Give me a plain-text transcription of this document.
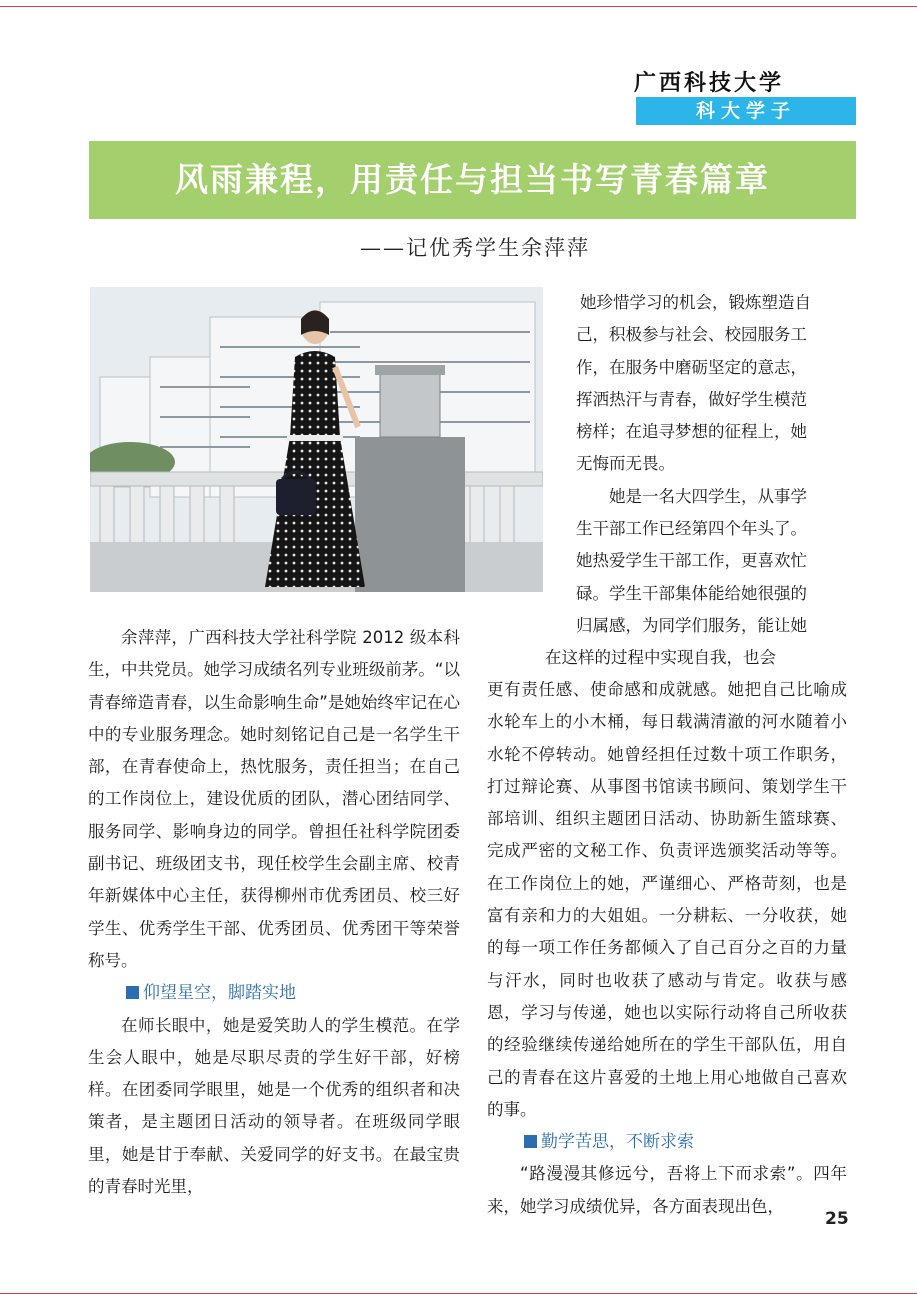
广西科技大学
科大学子
风雨兼程，用责任与担当书写青春篇章
——记优秀学生余萍萍

她珍惜学习的机会，锻炼塑造自

己，积极参与社会、校园服务工

作，在服务中磨砺坚定的意志，

挥洒热汗与青春，做好学生模范

榜样；在追寻梦想的征程上，她

无悔而无畏。

她是一名大四学生，从事学

生干部工作已经第四个年头了。

她热爱学生干部工作，更喜欢忙

碌。学生干部集体能给她很强的

归属感，为同学们服务，能让她

在这样的过程中实现自我，也会

余萍萍，广西科技大学社科学院 2012 级本科生，中共党员。她学习成绩名列专业班级前茅。“以青春缔造青春，以生命影响生命”是她始终牢记在心中的专业服务理念。她时刻铭记自己是一名学生干部，在青春使命上，热忱服务，责任担当；在自己的工作岗位上，建设优质的团队，潜心团结同学、服务同学、影响身边的同学。曾担任社科学院团委副书记、班级团支书，现任校学生会副主席、校青年新媒体中心主任，获得柳州市优秀团员、校三好学生、优秀学生干部、优秀团员、优秀团干等荣誉称号。

仰望星空，脚踏实地

在师长眼中，她是爱笑助人的学生模范。在学生会人眼中，她是尽职尽责的学生好干部，好榜样。在团委同学眼里，她是一个优秀的组织者和决策者，是主题团日活动的领导者。在班级同学眼里，她是甘于奉献、关爱同学的好支书。在最宝贵的青春时光里，

更有责任感、使命感和成就感。她把自己比喻成水轮车上的小木桶，每日载满清澈的河水随着小水轮不停转动。她曾经担任过数十项工作职务，打过辩论赛、从事图书馆读书顾问、策划学生干部培训、组织主题团日活动、协助新生篮球赛、完成严密的文秘工作、负责评选颁奖活动等等。在工作岗位上的她，严谨细心、严格苛刻，也是富有亲和力的大姐姐。一分耕耘、一分收获，她的每一项工作任务都倾入了自己百分之百的力量与汗水，同时也收获了感动与肯定。收获与感恩，学习与传递，她也以实际行动将自己所收获的经验继续传递给她所在的学生干部队伍，用自己的青春在这片喜爱的土地上用心地做自己喜欢的事。

勤学苦思，不断求索

“路漫漫其修远兮，吾将上下而求索”。四年来，她学习成绩优异，各方面表现出色，

25
